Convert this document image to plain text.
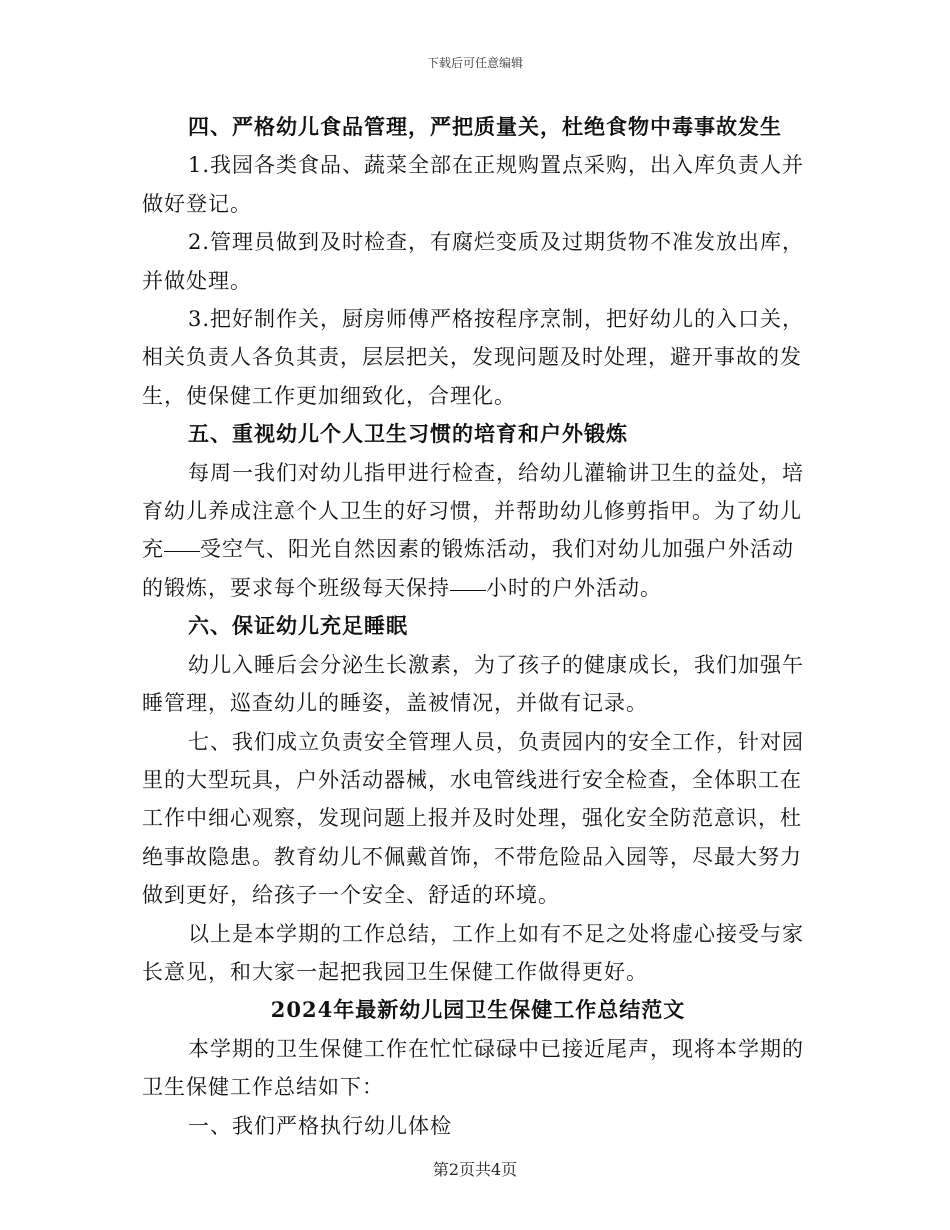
下载后可任意编辑

四、严格幼儿食品管理，严把质量关，杜绝食物中毒事故发生

1.我园各类食品、蔬菜全部在正规购置点采购，出入库负责人并做好登记。

2.管理员做到及时检查，有腐烂变质及过期货物不准发放出库，并做处理。

3.把好制作关，厨房师傅严格按程序烹制，把好幼儿的入口关，相关负责人各负其责，层层把关，发现问题及时处理，避开事故的发生，使保健工作更加细致化，合理化。

五、重视幼儿个人卫生习惯的培育和户外锻炼

每周一我们对幼儿指甲进行检查，给幼儿灌输讲卫生的益处，培育幼儿养成注意个人卫生的好习惯，并帮助幼儿修剪指甲。为了幼儿充 受空气、阳光自然因素的锻炼活动，我们对幼儿加强户外活动的锻炼，要求每个班级每天保持 小时的户外活动。

六、保证幼儿充足睡眠

幼儿入睡后会分泌生长激素，为了孩子的健康成长，我们加强午睡管理，巡查幼儿的睡姿，盖被情况，并做有记录。

七、我们成立负责安全管理人员，负责园内的安全工作，针对园里的大型玩具，户外活动器械，水电管线进行安全检查，全体职工在工作中细心观察，发现问题上报并及时处理，强化安全防范意识，杜绝事故隐患。教育幼儿不佩戴首饰，不带危险品入园等，尽最大努力做到更好，给孩子一个安全、舒适的环境。

以上是本学期的工作总结，工作上如有不足之处将虚心接受与家长意见，和大家一起把我园卫生保健工作做得更好。

2024年最新幼儿园卫生保健工作总结范文

本学期的卫生保健工作在忙忙碌碌中已接近尾声，现将本学期的卫生保健工作总结如下：

一、我们严格执行幼儿体检

第2页共4页
